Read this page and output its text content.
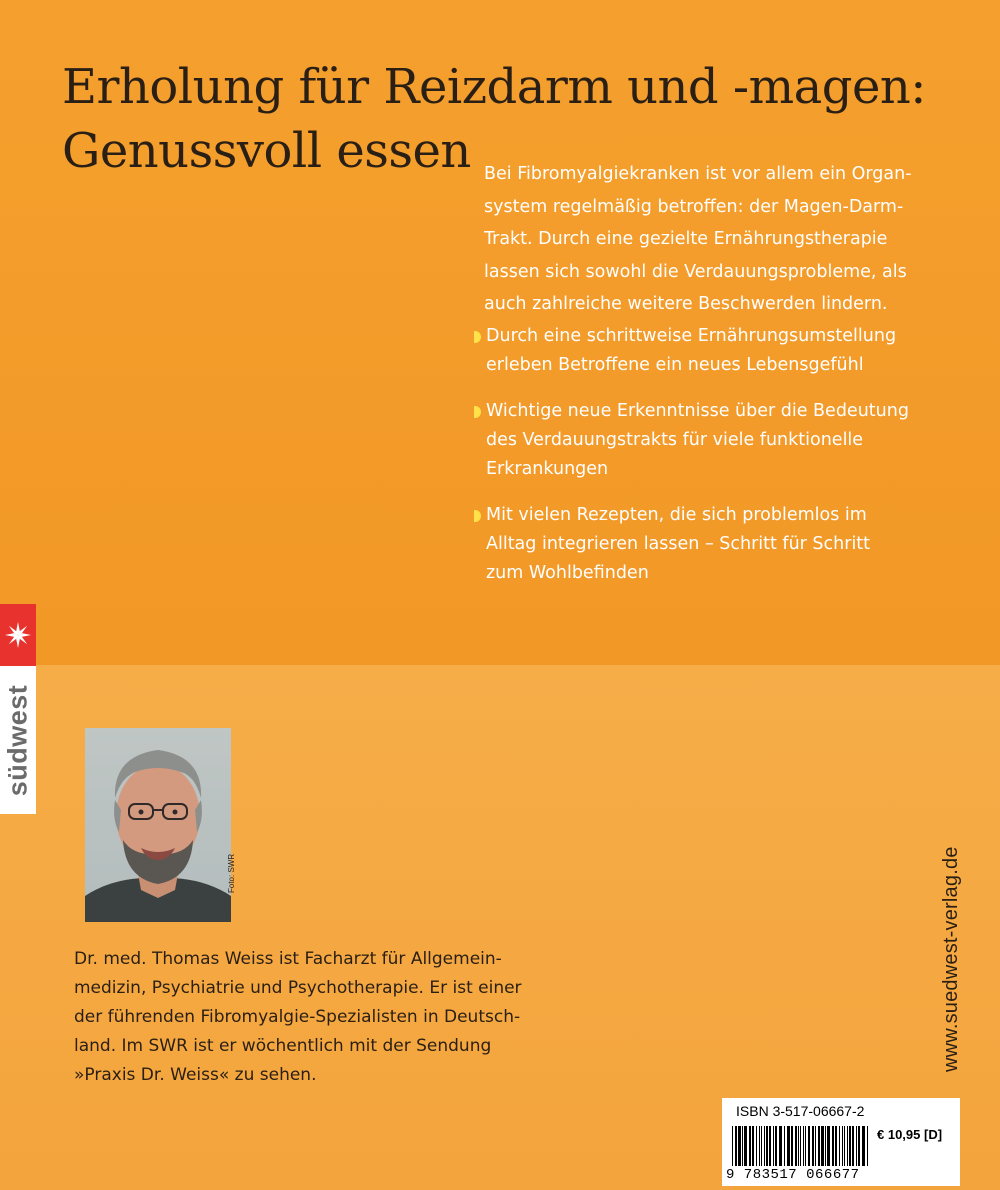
Erholung für Reizdarm und -magen:
Genussvoll essen Bei Fibromyalgiekranken ist vor allem ein Organ-
system regelmäßig betroffen: der Magen-Darm-
Trakt. Durch eine gezielte Ernährungstherapie
lassen sich sowohl die Verdauungsprobleme, als
auch zahlreiche weitere Beschwerden lindern.

Durch eine schrittweise Ernährungsumstellung
erleben Betroffene ein neues Lebensgefühl
Wichtige neue Erkenntnisse über die Bedeutung
des Verdauungstrakts für viele funktionelle
Erkrankungen
Mit vielen Rezepten, die sich problemlos im
Alltag integrieren lassen – Schritt für Schritt
zum Wohlbefinden
südwest
Foto: SWR

Dr. med. Thomas Weiss ist Facharzt für Allgemein-
medizin, Psychiatrie und Psychotherapie. Er ist einer
der führenden Fibromyalgie-Spezialisten in Deutsch-
land. Im SWR ist er wöchentlich mit der Sendung
»Praxis Dr. Weiss« zu sehen.

www.suedwest-verlag.de
ISBN 3-517-06667-2
9 783517 066677
€ 10,95 [D]
